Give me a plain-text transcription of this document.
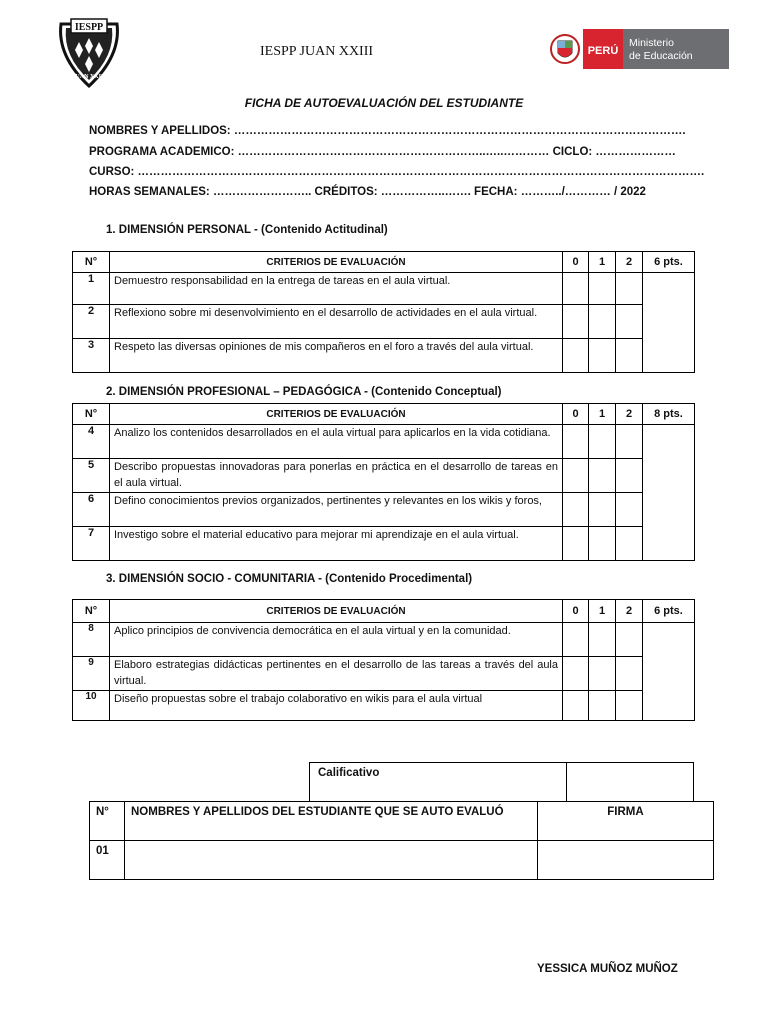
IESPP
JUAN XXIII
IESPP JUAN XXIII	PERÚ
Ministerio
de Educación
FICHA DE AUTOEVALUACIÓN DEL ESTUDIANTE
NOMBRES Y APELLIDOS: ……………………………………………………………………………………………………….
PROGRAMA ACADEMICO: ………………………………………………………..…..………… CICLO: …………………
CURSO: ………………………………………………………………………………………………………………………………….
HORAS SEMANALES: …………………….. CRÉDITOS: ……………..……. FECHA: ………../………… / 2022
1. DIMENSIÓN PERSONAL - (Contenido Actitudinal)
N°	CRITERIOS DE EVALUACIÓN	0	1	2	6 pts.
1	Demuestro responsabilidad en la entrega de tareas en el aula virtual.				
2	Reflexiono sobre mi desenvolvimiento en el desarrollo de actividades en el aula virtual.				
3	Respeto las diversas opiniones de mis compañeros en el foro a través del aula virtual.				
2. DIMENSIÓN PROFESIONAL – PEDAGÓGICA - (Contenido Conceptual)
N°	CRITERIOS DE EVALUACIÓN	0	1	2	8 pts.
4	Analizo los contenidos desarrollados en el aula virtual para aplicarlos en la vida cotidiana.				
5	Describo propuestas innovadoras para ponerlas en práctica en el desarrollo de tareas en el aula virtual.				
6	Defino conocimientos previos organizados, pertinentes y relevantes en los wikis y foros,				
7	Investigo sobre el material educativo para mejorar mi aprendizaje en el aula virtual.				
3. DIMENSIÓN SOCIO - COMUNITARIA - (Contenido Procedimental)
N°	CRITERIOS DE EVALUACIÓN	0	1	2	6 pts.
8	Aplico principios de convivencia democrática en el aula virtual y en la comunidad.				
9	Elaboro estrategias didácticas pertinentes en el desarrollo de las tareas a través del aula virtual.				
10	Diseño propuestas sobre el trabajo colaborativo en wikis para el aula virtual				
Calificativo	
N°	NOMBRES Y APELLIDOS DEL ESTUDIANTE QUE SE AUTO EVALUÓ	FIRMA
01		
YESSICA MUÑOZ MUÑOZ
